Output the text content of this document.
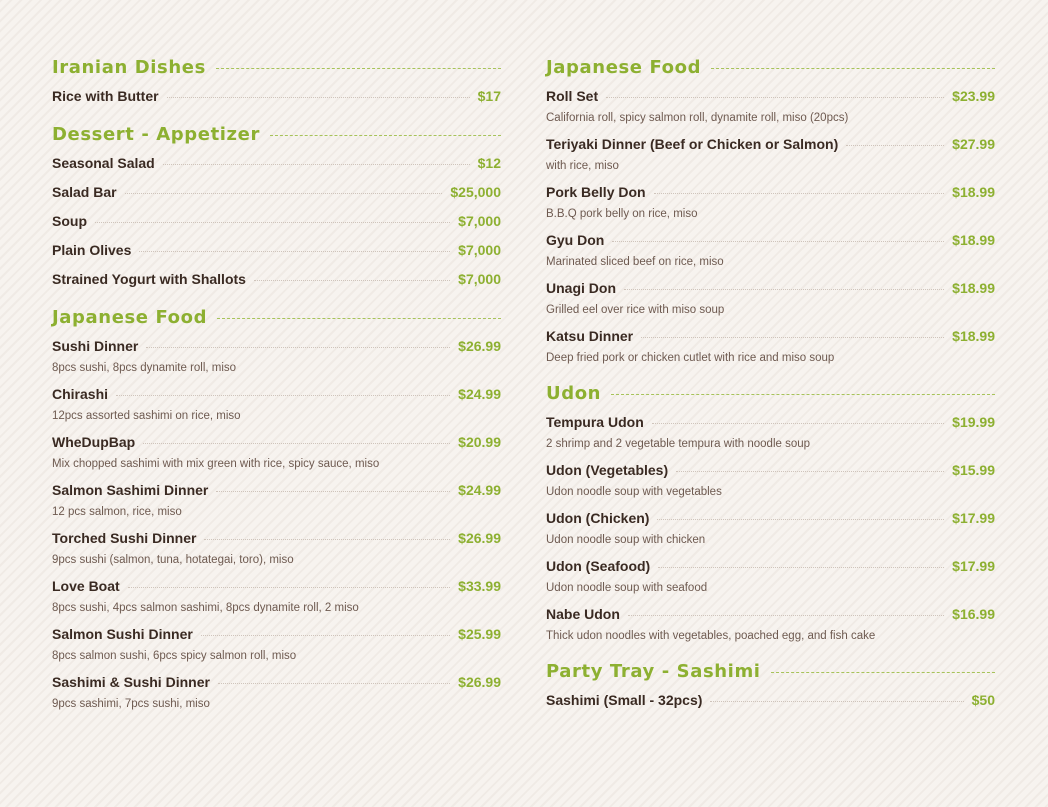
Iranian Dishes
Rice with Butter	$17
Dessert - Appetizer
Seasonal Salad	$12
Salad Bar	$25,000
Soup	$7,000
Plain Olives	$7,000
Strained Yogurt with Shallots	$7,000
Japanese Food
Sushi Dinner	$26.99
8pcs sushi, 8pcs dynamite roll, miso
Chirashi	$24.99
12pcs assorted sashimi on rice, miso
WheDupBap	$20.99
Mix chopped sashimi with mix green with rice, spicy sauce, miso
Salmon Sashimi Dinner	$24.99
12 pcs salmon, rice, miso
Torched Sushi Dinner	$26.99
9pcs sushi (salmon, tuna, hotategai, toro), miso
Love Boat	$33.99
8pcs sushi, 4pcs salmon sashimi, 8pcs dynamite roll, 2 miso
Salmon Sushi Dinner	$25.99
8pcs salmon sushi, 6pcs spicy salmon roll, miso
Sashimi & Sushi Dinner	$26.99
9pcs sashimi, 7pcs sushi, miso
Japanese Food
Roll Set	$23.99
California roll, spicy salmon roll, dynamite roll, miso (20pcs)
Teriyaki Dinner (Beef or Chicken or Salmon)	$27.99
with rice, miso
Pork Belly Don	$18.99
B.B.Q pork belly on rice, miso
Gyu Don	$18.99
Marinated sliced beef on rice, miso
Unagi Don	$18.99
Grilled eel over rice with miso soup
Katsu Dinner	$18.99
Deep fried pork or chicken cutlet with rice and miso soup
Udon
Tempura Udon	$19.99
2 shrimp and 2 vegetable tempura with noodle soup
Udon (Vegetables)	$15.99
Udon noodle soup with vegetables
Udon (Chicken)	$17.99
Udon noodle soup with chicken
Udon (Seafood)	$17.99
Udon noodle soup with seafood
Nabe Udon	$16.99
Thick udon noodles with vegetables, poached egg, and fish cake
Party Tray - Sashimi
Sashimi (Small - 32pcs)	$50
